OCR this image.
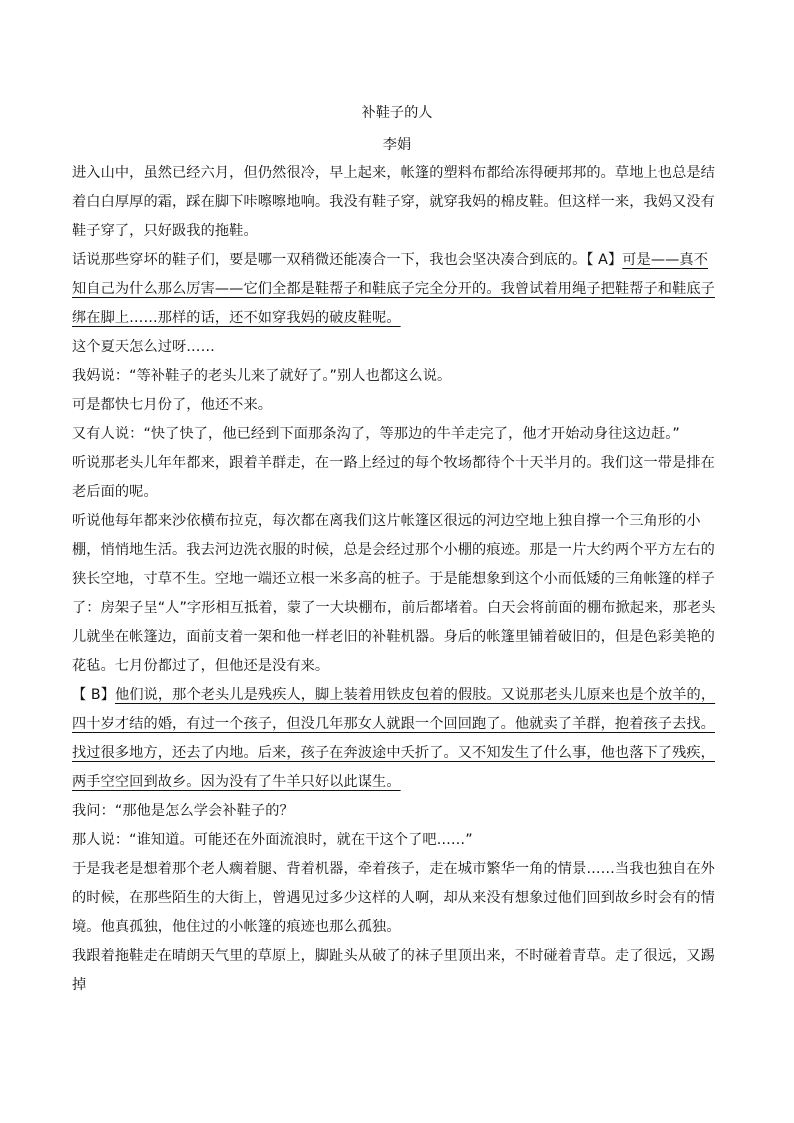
补鞋子的人
李娟

进入山中，虽然已经六月，但仍然很冷，早上起来，帐篷的塑料布都给冻得硬邦邦的。草地上也总是结着白白厚厚的霜，踩在脚下咔嚓嚓地响。我没有鞋子穿，就穿我妈的棉皮鞋。但这样一来，我妈又没有鞋子穿了，只好趿我的拖鞋。

话说那些穿坏的鞋子们，要是哪一双稍微还能凑合一下，我也会坚决凑合到底的。【 A】可是——真不知自己为什么那么厉害——它们全都是鞋帮子和鞋底子完全分开的。我曾试着用绳子把鞋帮子和鞋底子绑在脚上……那样的话，还不如穿我妈的破皮鞋呢。

这个夏天怎么过呀……

我妈说：“等补鞋子的老头儿来了就好了。”别人也都这么说。

可是都快七月份了，他还不来。

又有人说：“快了快了，他已经到下面那条沟了，等那边的牛羊走完了，他才开始动身往这边赶。”

听说那老头儿年年都来，跟着羊群走，在一路上经过的每个牧场都待个十天半月的。我们这一带是排在老后面的呢。

听说他每年都来沙依横布拉克，每次都在离我们这片帐篷区很远的河边空地上独自撑一个三角形的小棚，悄悄地生活。我去河边洗衣服的时候，总是会经过那个小棚的痕迹。那是一片大约两个平方左右的狭长空地，寸草不生。空地一端还立根一米多高的桩子。于是能想象到这个小而低矮的三角帐篷的样子了：房架子呈“人”字形相互抵着，蒙了一大块棚布，前后都堵着。白天会将前面的棚布掀起来，那老头儿就坐在帐篷边，面前支着一架和他一样老旧的补鞋机器。身后的帐篷里铺着破旧的，但是色彩美艳的花毡。七月份都过了，但他还是没有来。

【 B】他们说，那个老头儿是残疾人，脚上装着用铁皮包着的假肢。又说那老头儿原来也是个放羊的，四十岁才结的婚，有过一个孩子，但没几年那女人就跟一个回回跑了。他就卖了羊群，抱着孩子去找。找过很多地方，还去了内地。后来，孩子在奔波途中夭折了。又不知发生了什么事，他也落下了残疾，两手空空回到故乡。因为没有了牛羊只好以此谋生。

我问：“那他是怎么学会补鞋子的？

那人说：“谁知道。可能还在外面流浪时，就在干这个了吧……”

于是我老是想着那个老人瘸着腿、背着机器，牵着孩子，走在城市繁华一角的情景……当我也独自在外的时候，在那些陌生的大街上，曾遇见过多少这样的人啊，却从来没有想象过他们回到故乡时会有的情境。他真孤独，他住过的小帐篷的痕迹也那么孤独。

我跟着拖鞋走在晴朗天气里的草原上，脚趾头从破了的袜子里顶出来，不时碰着青草。走了很远，又踢掉
